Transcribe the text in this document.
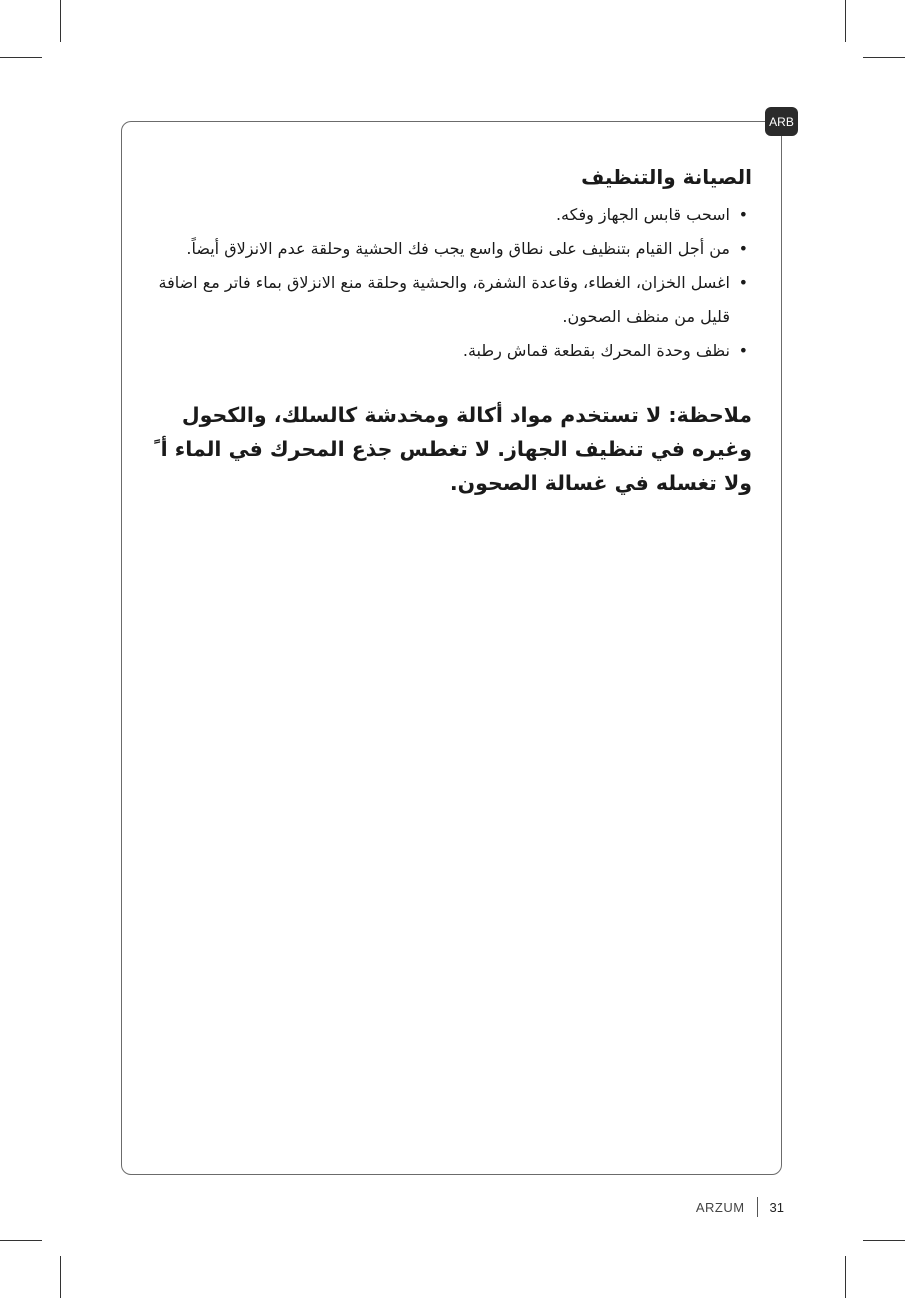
ARB
الصيانة والتنظيف
• اسحب قابس الجهاز وفكه.
• من أجل القيام بتنظيف على نطاق واسع يجب فك الحشية وحلقة عدم الانزلاق أيضاً.
• اغسل الخزان، الغطاء، وقاعدة الشفرة، والحشية وحلقة منع الانزلاق بماء فاتر مع اضافة قليل من منظف الصحون.
• نظف وحدة المحرك بقطعة قماش رطبة.

ملاحظة: لا تستخدم مواد أكالة ومخدشة كالسلك، والكحول وغيره في تنظيف الجهاز. لا تغطس جذع المحرك في الماء أ ً ولا تغسله في غسالة الصحون.

ARZUM 31
